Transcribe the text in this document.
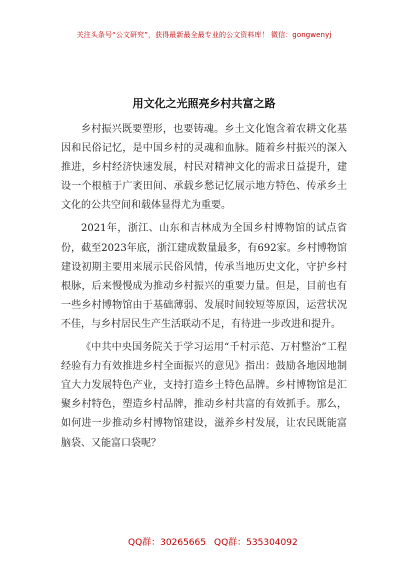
关注头条号“公文研究”，获得最新最全最专业的公文资料库！ 微信：gongwenyj
用文化之光照亮乡村共富之路

乡村振兴既要塑形，也要铸魂。乡土文化饱含着农耕文化基因和民俗记忆，是中国乡村的灵魂和血脉。随着乡村振兴的深入推进，乡村经济快速发展，村民对精神文化的需求日益提升，建设一个根植于广袤田间、承载乡愁记忆展示地方特色、传承乡土文化的公共空间和载体显得尤为重要。

2021年，浙江、山东和吉林成为全国乡村博物馆的试点省份，截至2023年底，浙江建成数量最多，有692家。乡村博物馆建设初期主要用来展示民俗风情，传承当地历史文化，守护乡村根脉，后来慢慢成为推动乡村振兴的重要力量。但是，目前也有一些乡村博物馆由于基础薄弱、发展时间较短等原因，运营状况不佳，与乡村居民生产生活联动不足，有待进一步改进和提升。

《中共中央国务院关于学习运用“千村示范、万村整治”工程经验有力有效推进乡村全面振兴的意见》指出：鼓励各地因地制宜大力发展特色产业，支持打造乡土特色品牌。乡村博物馆是汇聚乡村特色，塑造乡村品牌，推动乡村共富的有效抓手。那么，如何进一步推动乡村博物馆建设，滋养乡村发展，让农民既能富脑袋、又能富口袋呢？

QQ群：30265665 QQ群：535304092
